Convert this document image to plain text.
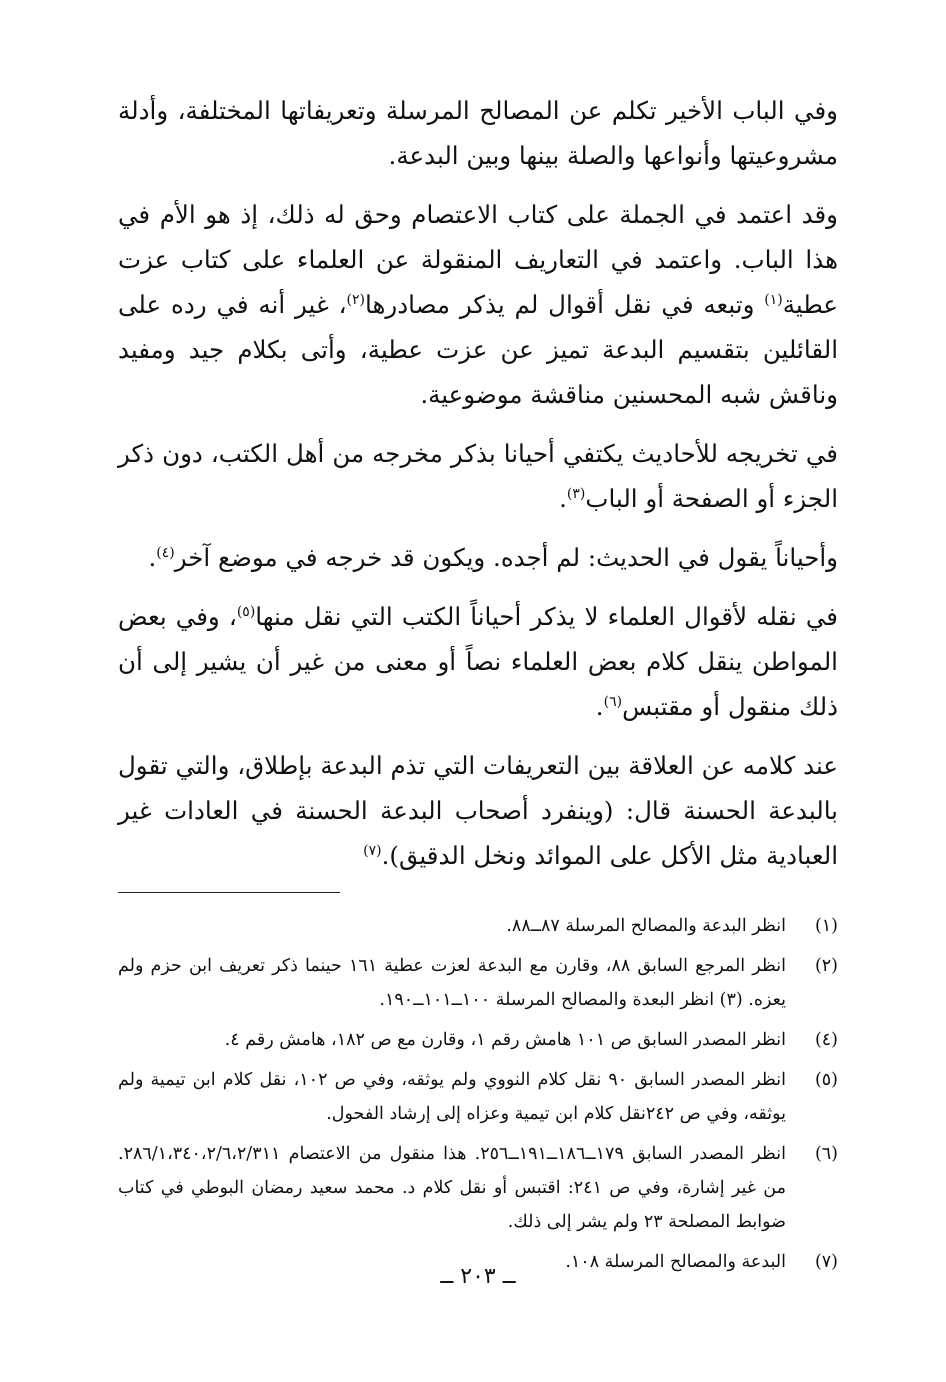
وفي الباب الأخير تكلم عن المصالح المرسلة وتعريفاتها المختلفة، وأدلة مشروعيتها وأنواعها والصلة بينها وبين البدعة.

وقد اعتمد في الجملة على كتاب الاعتصام وحق له ذلك، إذ هو الأم في هذا الباب. واعتمد في التعاريف المنقولة عن العلماء على كتاب عزت عطية$^{(١)}$ وتبعه في نقل أقوال لم يذكر مصادرها$^{(٢)}$، غير أنه في رده على القائلين بتقسيم البدعة تميز عن عزت عطية، وأتى بكلام جيد ومفيد وناقش شبه المحسنين مناقشة موضوعية.

في تخريجه للأحاديث يكتفي أحيانا بذكر مخرجه من أهل الكتب، دون ذكر الجزء أو الصفحة أو الباب$^{(٣)}$.

وأحياناً يقول في الحديث: لم أجده. ويكون قد خرجه في موضع آخر$^{(٤)}$.

في نقله لأقوال العلماء لا يذكر أحياناً الكتب التي نقل منها$^{(٥)}$، وفي بعض المواطن ينقل كلام بعض العلماء نصاً أو معنى من غير أن يشير إلى أن ذلك منقول أو مقتبس$^{(٦)}$.

عند كلامه عن العلاقة بين التعريفات التي تذم البدعة بإطلاق، والتي تقول بالبدعة الحسنة قال: (وينفرد أصحاب البدعة الحسنة في العادات غير العبادية مثل الأكل على الموائد ونخل الدقيق).$^{(٧)}$

(١)
انظر البدعة والمصالح المرسلة ٨٧ــ٨٨.
(٢)
انظر المرجع السابق ٨٨، وقارن مع البدعة لعزت عطية ١٦١ حينما ذكر تعريف ابن حزم ولم يعزه. (٣) انظر البعدة والمصالح المرسلة ١٠٠ــ١٠١ــ١٩٠.
(٤)
انظر المصدر السابق ص ١٠١ هامش رقم ١، وقارن مع ص ١٨٢، هامش رقم ٤.
(٥)
انظر المصدر السابق ٩٠ نقل كلام النووي ولم يوثقه، وفي ص ١٠٢، نقل كلام ابن تيمية ولم يوثقه، وفي ص ٢٤٢نقل كلام ابن تيمية وعزاه إلى إرشاد الفحول.
(٦)
انظر المصدر السابق ١٧٩ــ١٨٦ــ١٩١ــ٢٥٦. هذا منقول من الاعتصام ٢٨٦/١،٣٤٠،٢/٦،٢/٣١١. من غير إشارة، وفي ص ٢٤١: اقتبس أو نقل كلام د. محمد سعيد رمضان البوطي في كتاب ضوابط المصلحة ٢٣ ولم يشر إلى ذلك.
(٧)
البدعة والمصالح المرسلة ١٠٨.
ــ ٢٠٣ ــ
